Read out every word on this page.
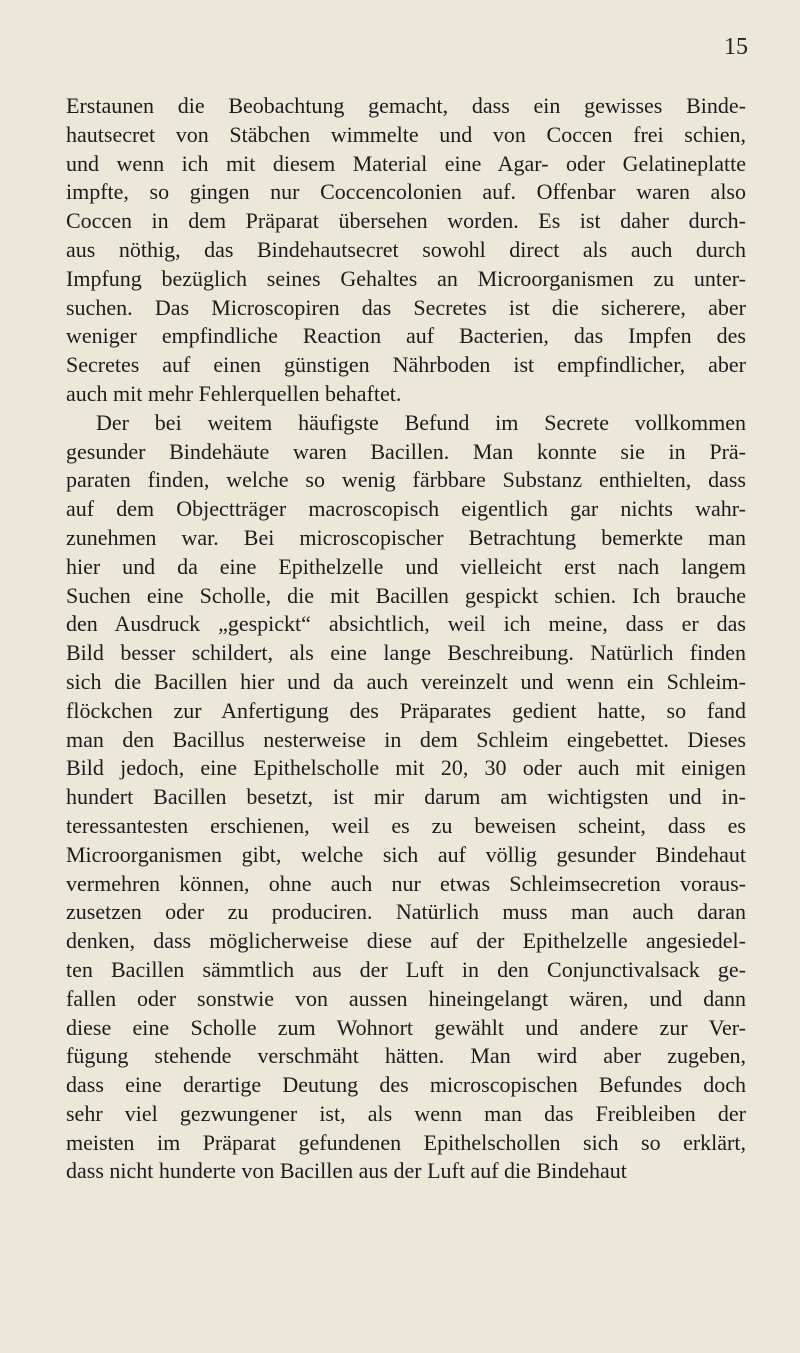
15
Erstaunen die Beobachtung gemacht, dass ein gewisses Binde-
hautsecret von Stäbchen wimmelte und von Coccen frei schien,
und wenn ich mit diesem Material eine Agar- oder Gelatineplatte
impfte, so gingen nur Coccencolonien auf. Offenbar waren also
Coccen in dem Präparat übersehen worden. Es ist daher durch-
aus nöthig, das Bindehautsecret sowohl direct als auch durch
Impfung bezüglich seines Gehaltes an Microorganismen zu unter-
suchen. Das Microscopiren das Secretes ist die sicherere, aber
weniger empfindliche Reaction auf Bacterien, das Impfen des
Secretes auf einen günstigen Nährboden ist empfindlicher, aber
auch mit mehr Fehlerquellen behaftet.
Der bei weitem häufigste Befund im Secrete vollkommen
gesunder Bindehäute waren Bacillen. Man konnte sie in Prä-
paraten finden, welche so wenig färbbare Substanz enthielten, dass
auf dem Objectträger macroscopisch eigentlich gar nichts wahr-
zunehmen war. Bei microscopischer Betrachtung bemerkte man
hier und da eine Epithelzelle und vielleicht erst nach langem
Suchen eine Scholle, die mit Bacillen gespickt schien. Ich brauche
den Ausdruck „gespickt“ absichtlich, weil ich meine, dass er das
Bild besser schildert, als eine lange Beschreibung. Natürlich finden
sich die Bacillen hier und da auch vereinzelt und wenn ein Schleim-
flöckchen zur Anfertigung des Präparates gedient hatte, so fand
man den Bacillus nesterweise in dem Schleim eingebettet. Dieses
Bild jedoch, eine Epithelscholle mit 20, 30 oder auch mit einigen
hundert Bacillen besetzt, ist mir darum am wichtigsten und in-
teressantesten erschienen, weil es zu beweisen scheint, dass es
Microorganismen gibt, welche sich auf völlig gesunder Bindehaut
vermehren können, ohne auch nur etwas Schleimsecretion voraus-
zusetzen oder zu produciren. Natürlich muss man auch daran
denken, dass möglicherweise diese auf der Epithelzelle angesiedel-
ten Bacillen sämmtlich aus der Luft in den Conjunctivalsack ge-
fallen oder sonstwie von aussen hineingelangt wären, und dann
diese eine Scholle zum Wohnort gewählt und andere zur Ver-
fügung stehende verschmäht hätten. Man wird aber zugeben,
dass eine derartige Deutung des microscopischen Befundes doch
sehr viel gezwungener ist, als wenn man das Freibleiben der
meisten im Präparat gefundenen Epithelschollen sich so erklärt,
dass nicht hunderte von Bacillen aus der Luft auf die Bindehaut
